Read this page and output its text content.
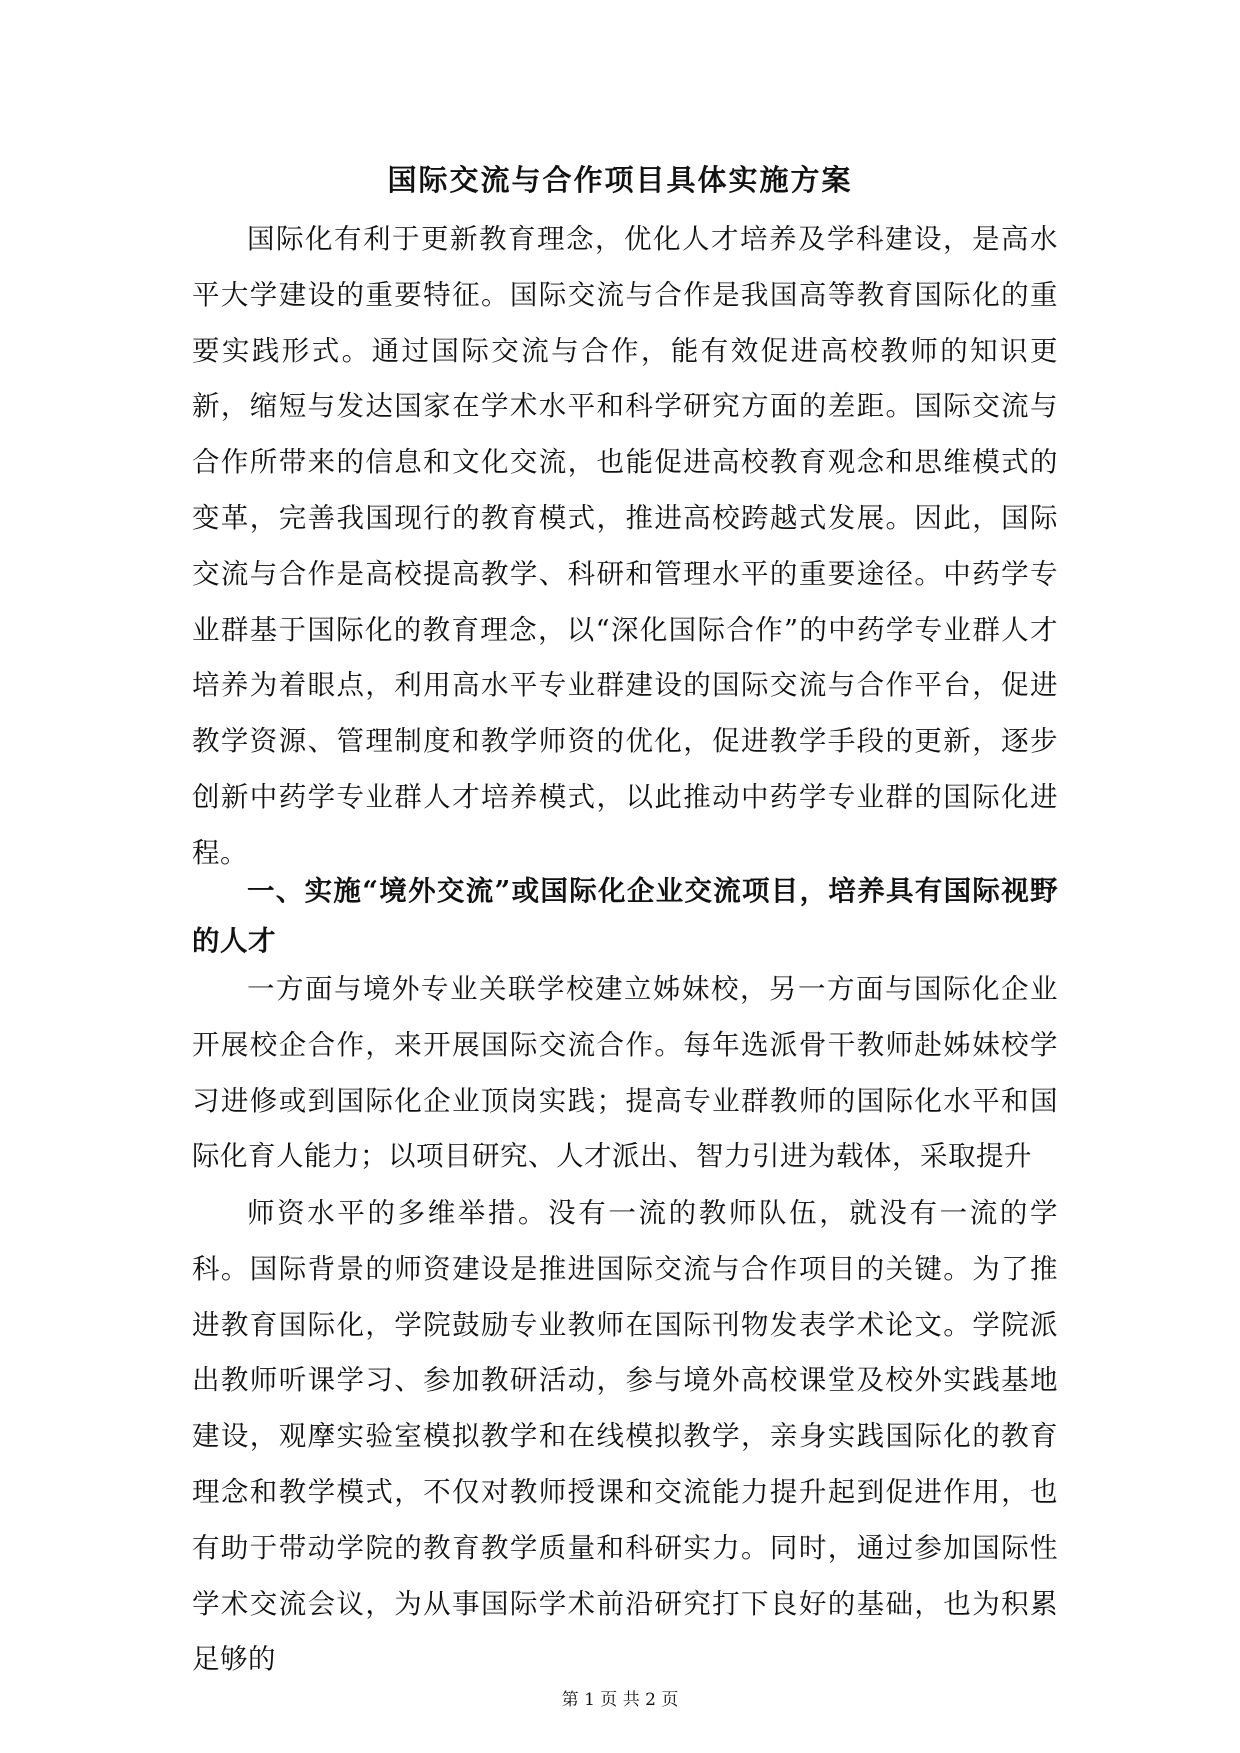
国际交流与合作项目具体实施方案

国际化有利于更新教育理念，优化人才培养及学科建设，是高水平大学建设的重要特征。国际交流与合作是我国高等教育国际化的重要实践形式。通过国际交流与合作，能有效促进高校教师的知识更新，缩短与发达国家在学术水平和科学研究方面的差距。国际交流与合作所带来的信息和文化交流，也能促进高校教育观念和思维模式的变革，完善我国现行的教育模式，推进高校跨越式发展。因此，国际交流与合作是高校提高教学、科研和管理水平的重要途径。中药学专业群基于国际化的教育理念，以“深化国际合作”的中药学专业群人才培养为着眼点，利用高水平专业群建设的国际交流与合作平台，促进教学资源、管理制度和教学师资的优化，促进教学手段的更新，逐步创新中药学专业群人才培养模式，以此推动中药学专业群的国际化进程。

一、实施“境外交流”或国际化企业交流项目，培养具有国际视野的人才

一方面与境外专业关联学校建立姊妹校，另一方面与国际化企业开展校企合作，来开展国际交流合作。每年选派骨干教师赴姊妹校学习进修或到国际化企业顶岗实践；提高专业群教师的国际化水平和国际化育人能力；以项目研究、人才派出、智力引进为载体，采取提升

师资水平的多维举措。没有一流的教师队伍，就没有一流的学科。国际背景的师资建设是推进国际交流与合作项目的关键。为了推进教育国际化，学院鼓励专业教师在国际刊物发表学术论文。学院派出教师听课学习、参加教研活动，参与境外高校课堂及校外实践基地建设，观摩实验室模拟教学和在线模拟教学，亲身实践国际化的教育理念和教学模式，不仅对教师授课和交流能力提升起到促进作用，也有助于带动学院的教育教学质量和科研实力。同时，通过参加国际性学术交流会议，为从事国际学术前沿研究打下良好的基础，也为积累足够的

第 1 页 共 2 页
